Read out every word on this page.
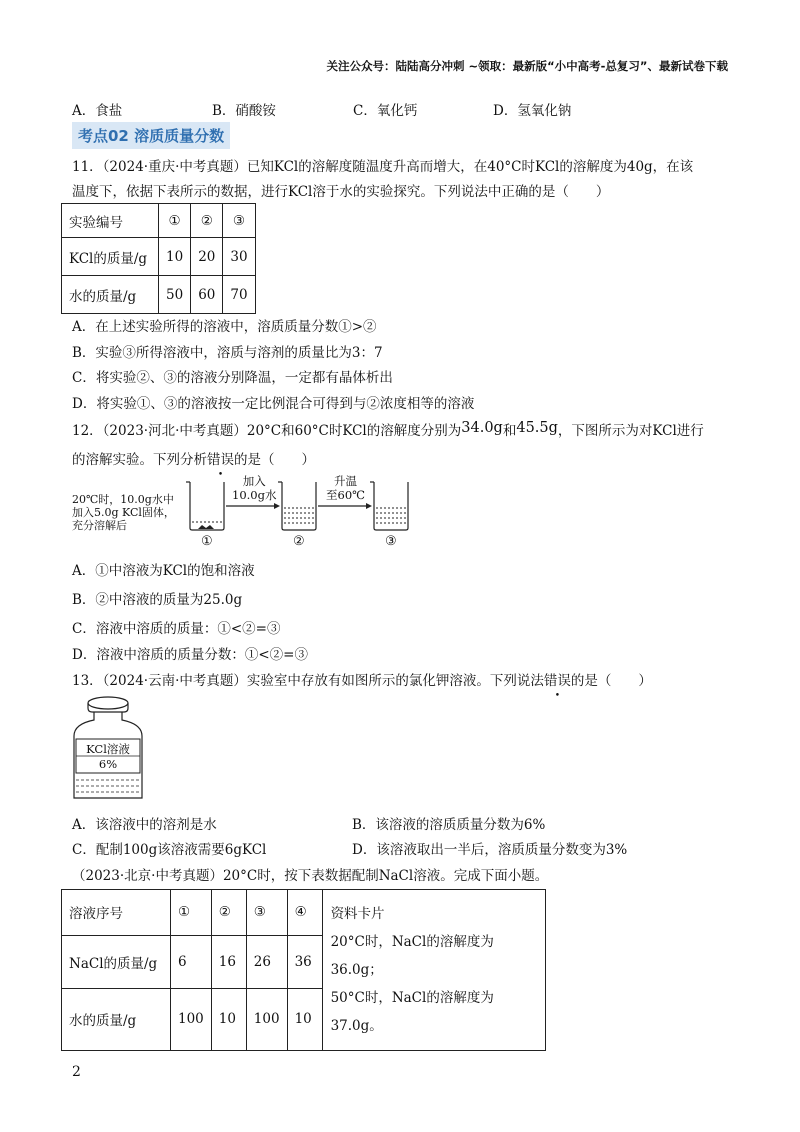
关注公众号：陆陆高分冲刺 ~领取：最新版“小中高考-总复习”、最新试卷下载
A．食盐	B．硝酸铵	C．氧化钙	D．氢氧化钠
考点02 溶质质量分数
11．（2024·重庆·中考真题）已知KCl的溶解度随温度升高而增大，在40°C时KCl的溶解度为40g，在该
温度下，依据下表所示的数据，进行KCl溶于水的实验探究。下列说法中正确的是（　　）
实验编号	①	②	③
KCl的质量/g	10	20	30
水的质量/g	50	60	70
A．在上述实验所得的溶液中，溶质质量分数①>②
B．实验③所得溶液中，溶质与溶剂的质量比为3：7
C．将实验②、③的溶液分别降温，一定都有晶体析出
D．将实验①、③的溶液按一定比例混合可得到与②浓度相等的溶液
12．（2023·河北·中考真题）20°C和60°C时KCl的溶解度分别为34.0g和45.5g，下图所示为对KCl进行
的溶解实验。下列分析错误的是（　　）
20℃时，10.0g水中
加入5.0g KCl固体，
充分溶解后
加入
10.0g水
升温
至60℃
①	②	③
A．①中溶液为KCl的饱和溶液
B．②中溶液的质量为25.0g
C．溶液中溶质的质量：①<②=③
D．溶液中溶质的质量分数：①<②=③
13．（2024·云南·中考真题）实验室中存放有如图所示的氯化钾溶液。下列说法错误的是（　　）
KCl溶液
6%
A．该溶液中的溶剂是水	B．该溶液的溶质质量分数为6%
C．配制100g该溶液需要6gKCl	D．该溶液取出一半后，溶质质量分数变为3%
（2023·北京·中考真题）20°C时，按下表数据配制NaCl溶液。完成下面小题。
溶液序号	①	②	③	④	资料卡片
20°C时，NaCl的溶解度为36.0g；
50°C时，NaCl的溶解度为37.0g。

NaCl的质量/g	6	16	26	36	
水的质量/g	100	10	100	10	
2
